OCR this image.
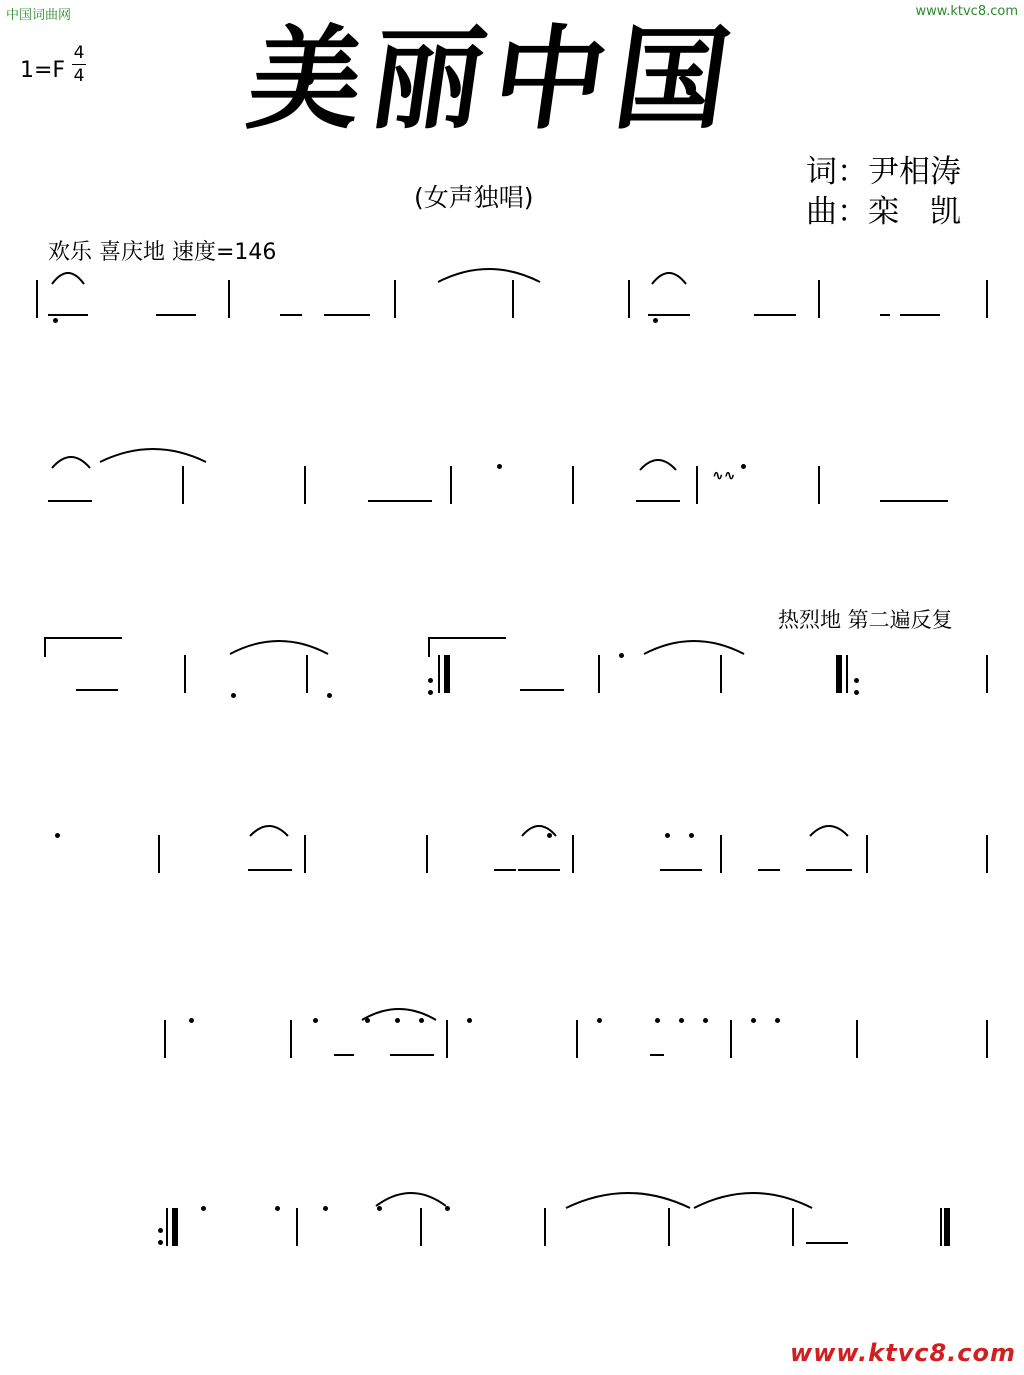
中国词曲网	www.ktvc8.com
1=F
4
4 美丽中国
(女声独唱)
词：尹相涛
曲：栾　凯
欢乐 喜庆地 速度=146
热烈地 第二遍反复
∿∿
www.ktvc8.com
